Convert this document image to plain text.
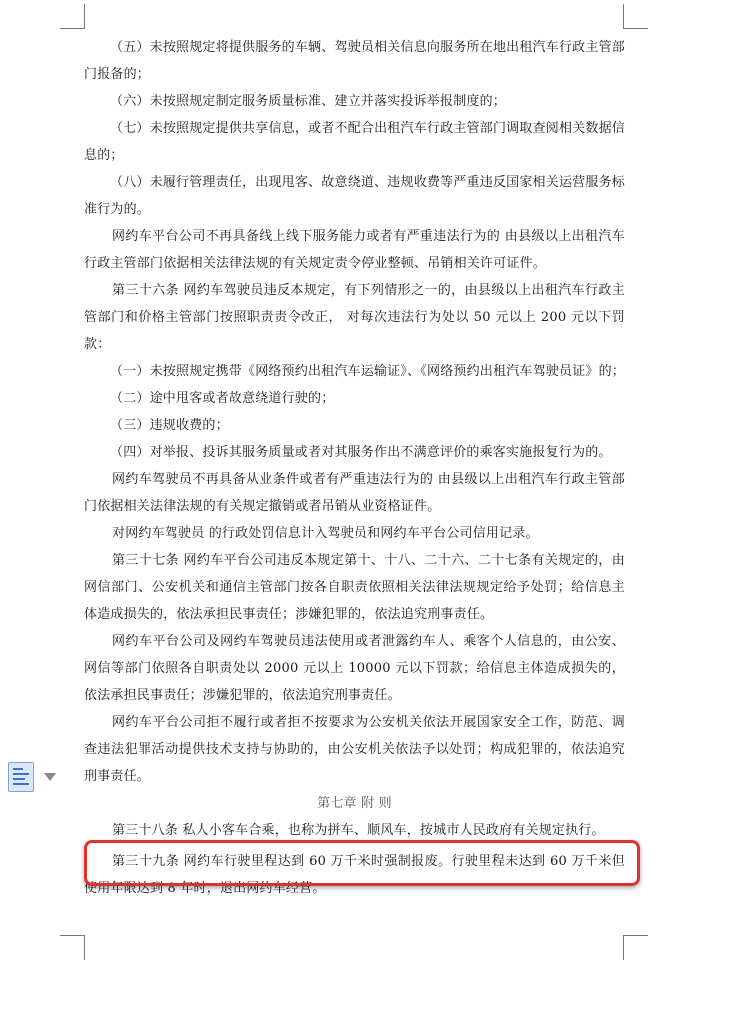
（五）未按照规定将提供服务的车辆、驾驶员相关信息向服务所在地出租汽车行政主管部门报备的；

（六）未按照规定制定服务质量标准、建立并落实投诉举报制度的；

（七）未按照规定提供共享信息，或者不配合出租汽车行政主管部门调取查阅相关数据信息的；

（八）未履行管理责任，出现甩客、故意绕道、违规收费等严重违反国家相关运营服务标准行为的。

网约车平台公司不再具备线上线下服务能力或者有严重违法行为的 由县级以上出租汽车行政主管部门依据相关法律法规的有关规定责令停业整顿、吊销相关许可证件。

第三十六条 网约车驾驶员违反本规定，有下列情形之一的，由县级以上出租汽车行政主管部门和价格主管部门按照职责责令改正， 对每次违法行为处以 50 元以上 200 元以下罚款：

（一）未按照规定携带《网络预约出租汽车运输证》、《网络预约出租汽车驾驶员证》的；

（二）途中甩客或者故意绕道行驶的；

（三）违规收费的；

（四）对举报、投诉其服务质量或者对其服务作出不满意评价的乘客实施报复行为的。

网约车驾驶员不再具备从业条件或者有严重违法行为的 由县级以上出租汽车行政主管部门依据相关法律法规的有关规定撤销或者吊销从业资格证件。

对网约车驾驶员 的行政处罚信息计入驾驶员和网约车平台公司信用记录。

第三十七条 网约车平台公司违反本规定第十、十八、二十六、二十七条有关规定的，由网信部门、公安机关和通信主管部门按各自职责依照相关法律法规规定给予处罚；给信息主体造成损失的，依法承担民事责任；涉嫌犯罪的，依法追究刑事责任。

网约车平台公司及网约车驾驶员违法使用或者泄露约车人、乘客个人信息的，由公安、网信等部门依照各自职责处以 2000 元以上 10000 元以下罚款；给信息主体造成损失的，依法承担民事责任；涉嫌犯罪的，依法追究刑事责任。

网约车平台公司拒不履行或者拒不按要求为公安机关依法开展国家安全工作，防范、调查违法犯罪活动提供技术支持与协助的，由公安机关依法予以处罚；构成犯罪的，依法追究刑事责任。

第七章 附 则

第三十八条 私人小客车合乘，也称为拼车、顺风车，按城市人民政府有关规定执行。

第三十九条 网约车行驶里程达到 60 万千米时强制报废。行驶里程未达到 60 万千米但使用年限达到 8 年时，退出网约车经营。
